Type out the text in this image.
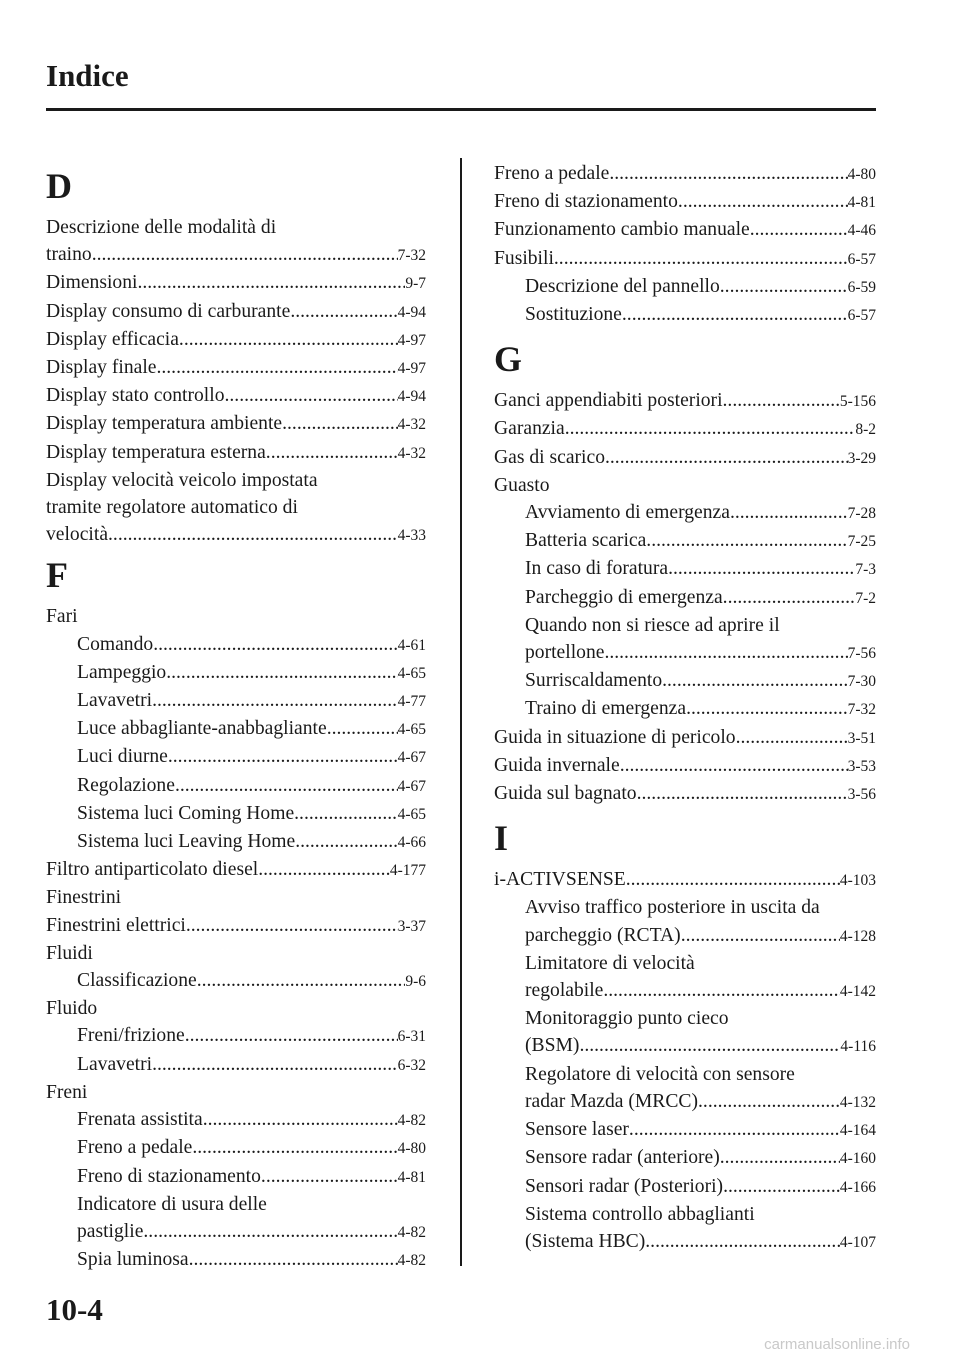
Indice
D
Descrizione delle modalità di
traino .....	7-32
Dimensioni .....	9-7
Display consumo di carburante .....	4-94
Display efficacia .....	4-97
Display finale .....	4-97
Display stato controllo .....	4-94
Display temperatura ambiente .....	4-32
Display temperatura esterna .....	4-32
Display velocità veicolo impostata
tramite regolatore automatico di
velocità .....	4-33
F
Fari
Comando .....	4-61
Lampeggio .....	4-65
Lavavetri .....	4-77
Luce abbagliante-anabbagliante .....	4-65
Luci diurne .....	4-67
Regolazione .....	4-67
Sistema luci Coming Home .....	4-65
Sistema luci Leaving Home .....	4-66
Filtro antiparticolato diesel .....	4-177
Finestrini
Finestrini elettrici .....	3-37
Fluidi
Classificazione .....	9-6
Fluido
Freni/frizione .....	6-31
Lavavetri .....	6-32
Freni
Frenata assistita .....	4-82
Freno a pedale .....	4-80
Freno di stazionamento .....	4-81
Indicatore di usura delle
pastiglie .....	4-82
Spia luminosa .....	4-82
Freno a pedale .....	4-80
Freno di stazionamento .....	4-81
Funzionamento cambio manuale .....	4-46
Fusibili .....	6-57
Descrizione del pannello .....	6-59
Sostituzione .....	6-57
G
Ganci appendiabiti posteriori .....	5-156
Garanzia .....	8-2
Gas di scarico .....	3-29
Guasto
Avviamento di emergenza .....	7-28
Batteria scarica .....	7-25
In caso di foratura .....	7-3
Parcheggio di emergenza .....	7-2
Quando non si riesce ad aprire il
portellone .....	7-56
Surriscaldamento .....	7-30
Traino di emergenza .....	7-32
Guida in situazione di pericolo .....	3-51
Guida invernale .....	3-53
Guida sul bagnato .....	3-56
I
i-ACTIVSENSE .....	4-103
Avviso traffico posteriore in uscita da
parcheggio (RCTA) .....	4-128
Limitatore di velocità
regolabile .....	4-142
Monitoraggio punto cieco
(BSM) .....	4-116
Regolatore di velocità con sensore
radar Mazda (MRCC) .....	4-132
Sensore laser .....	4-164
Sensore radar (anteriore) .....	4-160
Sensori radar (Posteriori) .....	4-166
Sistema controllo abbaglianti
(Sistema HBC) .....	4-107
10-4
carmanualsonline.info
